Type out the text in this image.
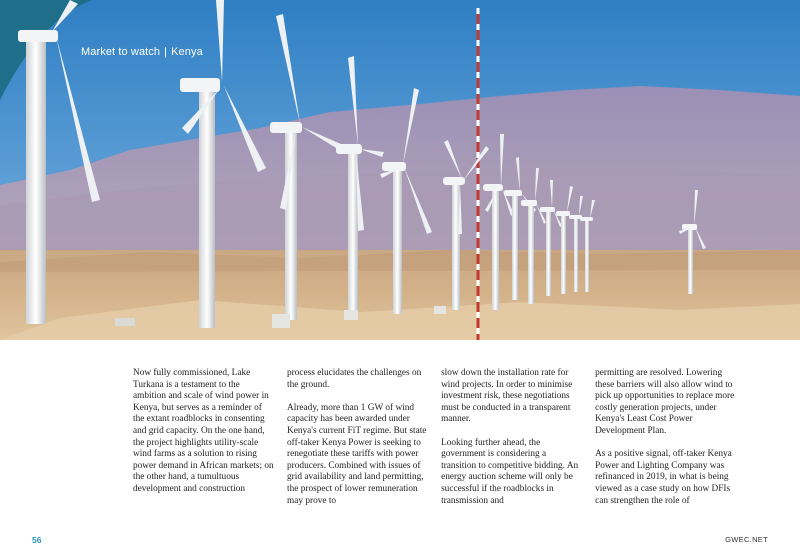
Market to watch | Kenya

Now fully commissioned, Lake Turkana is a testament to the ambition and scale of wind power in Kenya, but serves as a reminder of the extant roadblocks in consenting and grid capacity. On the one hand, the project highlights utility-scale wind farms as a solution to rising power demand in African markets; on the other hand, a tumultuous development and construction

process elucidates the challenges on the ground.

Already, more than 1 GW of wind capacity has been awarded under Kenya's current FiT regime. But state off-taker Kenya Power is seeking to renegotiate these tariffs with power producers. Combined with issues of grid availability and land permitting, the prospect of lower remuneration may prove to

slow down the installation rate for wind projects. In order to minimise investment risk, these negotiations must be conducted in a transparent manner.

Looking further ahead, the government is considering a transition to competitive bidding. An energy auction scheme will only be successful if the roadblocks in transmission and

permitting are resolved. Lowering these barriers will also allow wind to pick up opportunities to replace more costly generation projects, under Kenya's Least Cost Power Development Plan.

As a positive signal, off-taker Kenya Power and Lighting Company was refinanced in 2019, in what is being viewed as a case study on how DFIs can strengthen the role of

56	GWEC.NET
